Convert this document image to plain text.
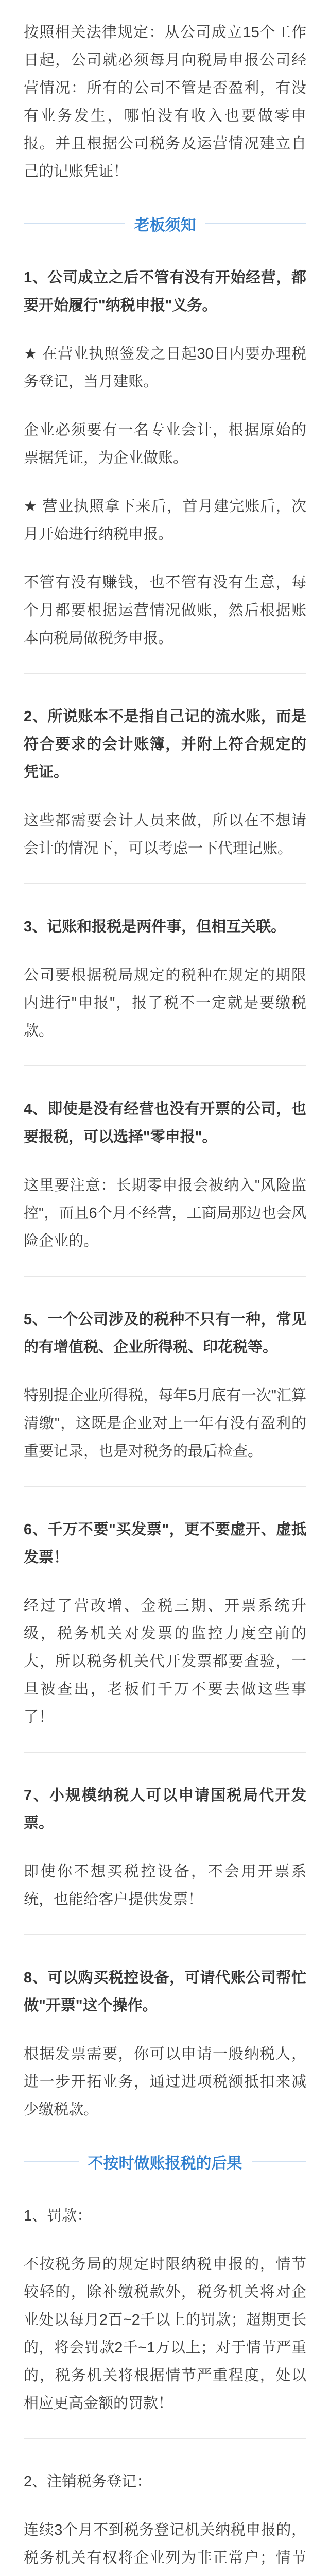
按照相关法律规定：从公司成立15个工作日起，公司就必须每月向税局申报公司经营情况：所有的公司不管是否盈利，有没有业务发生，哪怕没有收入也要做零申报。并且根据公司税务及运营情况建立自己的记账凭证！
老板须知
1、公司成立之后不管有没有开始经营，都要开始履行"纳税申报"义务。
★ 在营业执照签发之日起30日内要办理税务登记，当月建账。
企业必须要有一名专业会计，根据原始的票据凭证，为企业做账。
★ 营业执照拿下来后，首月建完账后，次月开始进行纳税申报。
不管有没有赚钱，也不管有没有生意，每个月都要根据运营情况做账，然后根据账本向税局做税务申报。
2、所说账本不是指自己记的流水账，而是符合要求的会计账簿，并附上符合规定的凭证。
这些都需要会计人员来做，所以在不想请会计的情况下，可以考虑一下代理记账。
3、记账和报税是两件事，但相互关联。
公司要根据税局规定的税种在规定的期限内进行"申报"，报了税不一定就是要缴税款。
4、即使是没有经营也没有开票的公司，也要报税，可以选择"零申报"。
这里要注意：长期零申报会被纳入"风险监控"，而且6个月不经营，工商局那边也会风险企业的。
5、一个公司涉及的税种不只有一种，常见的有增值税、企业所得税、印花税等。
特别提企业所得税，每年5月底有一次"汇算清缴"，这既是企业对上一年有没有盈利的重要记录，也是对税务的最后检查。
6、千万不要"买发票"，更不要虚开、虚抵发票！
经过了营改增、金税三期、开票系统升级，税务机关对发票的监控力度空前的大，所以税务机关代开发票都要查验，一旦被查出，老板们千万不要去做这些事了！
7、小规模纳税人可以申请国税局代开发票。
即使你不想买税控设备，不会用开票系统，也能给客户提供发票！
8、可以购买税控设备，可请代账公司帮忙做"开票"这个操作。
根据发票需要，你可以申请一般纳税人，进一步开拓业务，通过进项税额抵扣来减少缴税款。
不按时做账报税的后果
1、罚款：
不按税务局的规定时限纳税申报的，情节较轻的，除补缴税款外，税务机关将对企业处以每月2百~2千以上的罚款；超期更长的，将会罚款2千~1万以上；对于情节严重的，税务机关将根据情节严重程度，处以相应更高金额的罚款！
2、注销税务登记：
连续3个月不到税务登记机关纳税申报的，税务机关有权将企业列为非正常户；情节
